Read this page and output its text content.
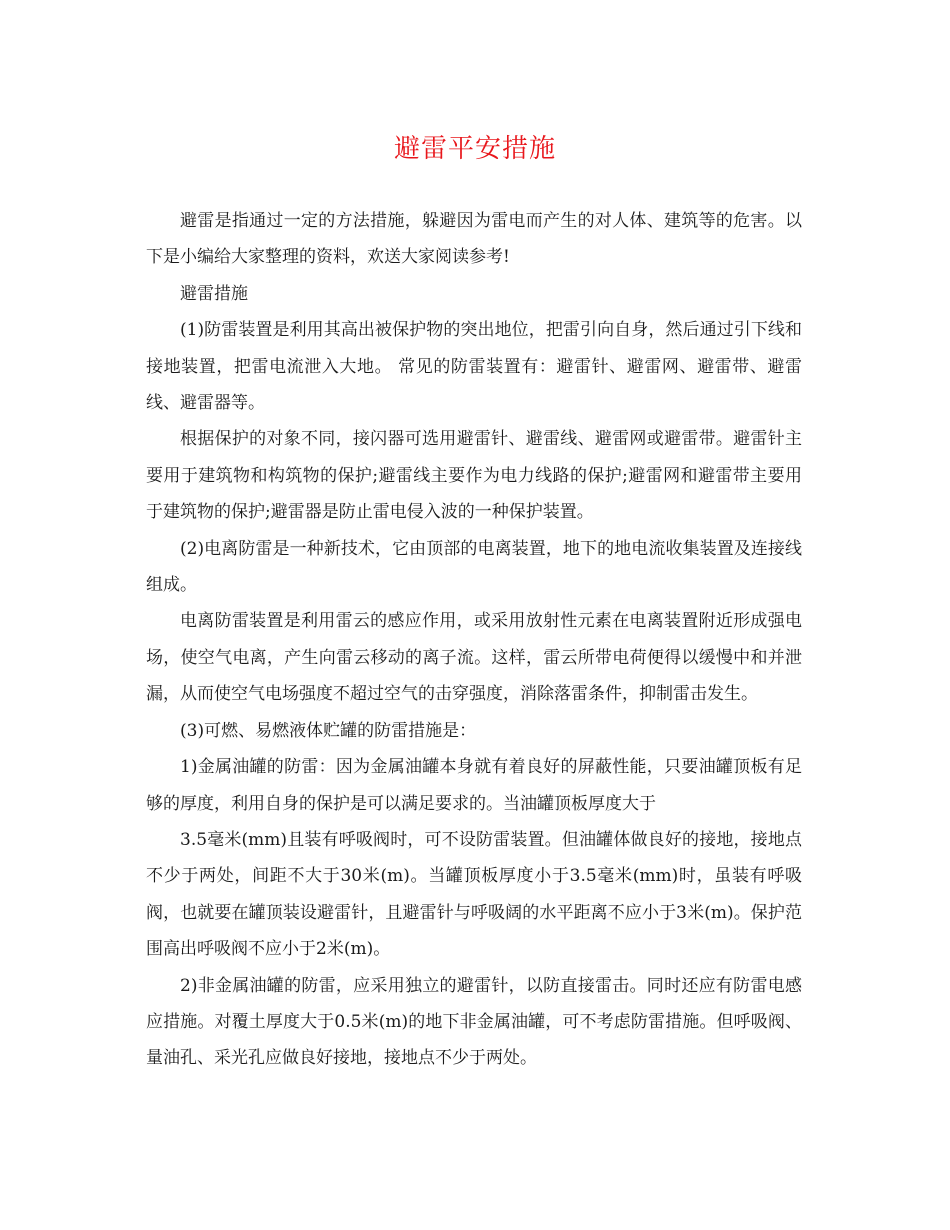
避雷平安措施

避雷是指通过一定的方法措施，躲避因为雷电而产生的对人体、建筑等的危害。以下是小编给大家整理的资料，欢送大家阅读参考!

避雷措施

(1)防雷装置是利用其高出被保护物的突出地位，把雷引向自身，然后通过引下线和接地装置，把雷电流泄入大地。 常见的防雷装置有：避雷针、避雷网、避雷带、避雷线、避雷器等。

根据保护的对象不同，接闪器可选用避雷针、避雷线、避雷网或避雷带。避雷针主要用于建筑物和构筑物的保护;避雷线主要作为电力线路的保护;避雷网和避雷带主要用于建筑物的保护;避雷器是防止雷电侵入波的一种保护装置。

(2)电离防雷是一种新技术，它由顶部的电离装置，地下的地电流收集装置及连接线组成。

电离防雷装置是利用雷云的感应作用，或采用放射性元素在电离装置附近形成强电场，使空气电离，产生向雷云移动的离子流。这样，雷云所带电荷便得以缓慢中和并泄漏，从而使空气电场强度不超过空气的击穿强度，消除落雷条件，抑制雷击发生。

(3)可燃、易燃液体贮罐的防雷措施是：

1)金属油罐的防雷：因为金属油罐本身就有着良好的屏蔽性能，只要油罐顶板有足够的厚度，利用自身的保护是可以满足要求的。当油罐顶板厚度大于

3.5毫米(mm)且装有呼吸阀时，可不设防雷装置。但油罐体做良好的接地，接地点不少于两处，间距不大于30米(m)。当罐顶板厚度小于3.5毫米(mm)时，虽装有呼吸阀，也就要在罐顶装设避雷针，且避雷针与呼吸阔的水平距离不应小于3米(m)。保护范围高出呼吸阀不应小于2米(m)。

2)非金属油罐的防雷，应采用独立的避雷针，以防直接雷击。同时还应有防雷电感应措施。对覆土厚度大于0.5米(m)的地下非金属油罐，可不考虑防雷措施。但呼吸阀、量油孔、采光孔应做良好接地，接地点不少于两处。
